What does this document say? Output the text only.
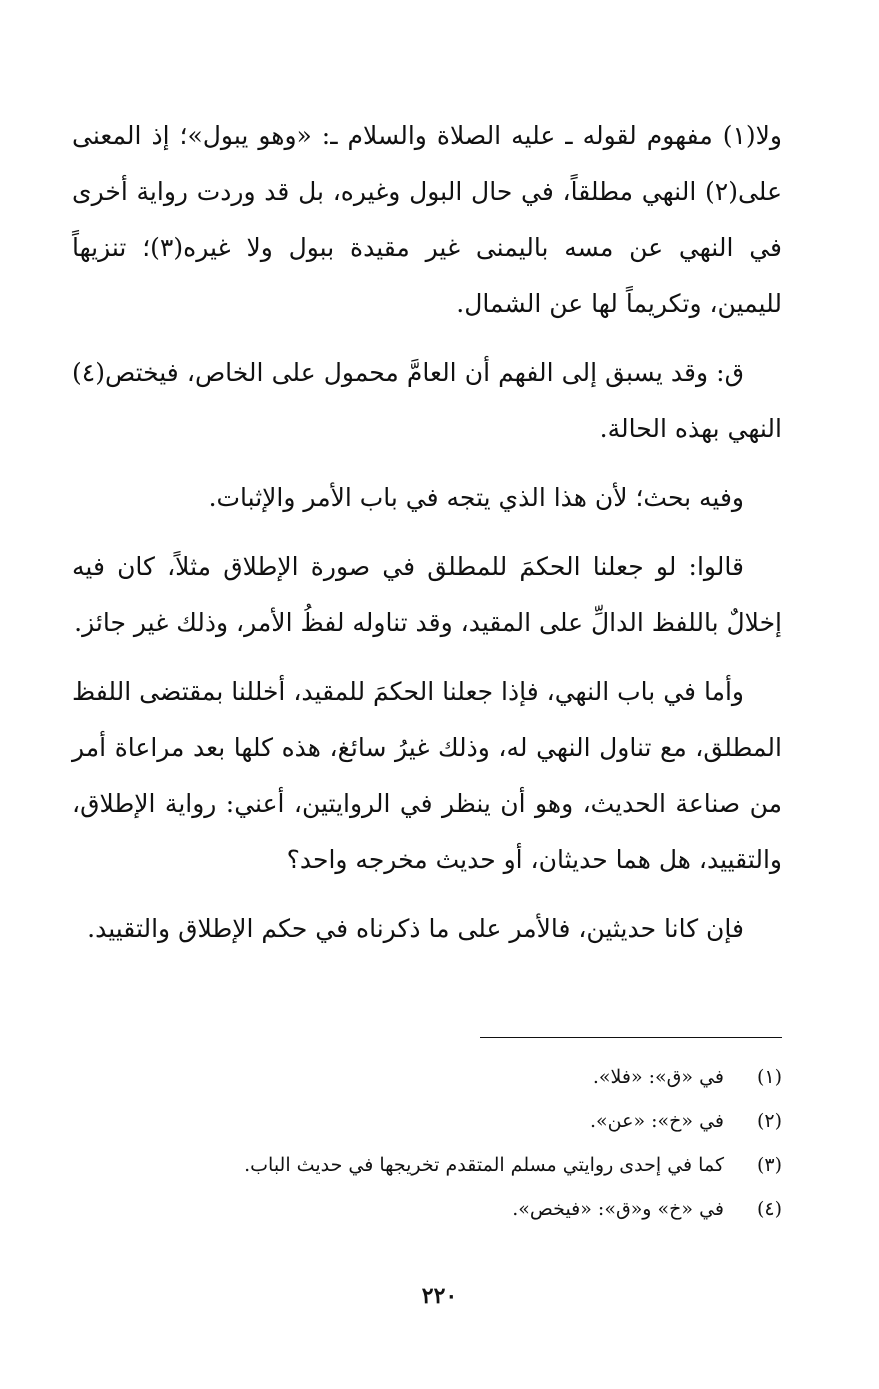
ولا(١) مفهوم لقوله ـ عليه الصلاة والسلام ـ: «وهو يبول»؛ إذ المعنى على(٢) النهي مطلقاً، في حال البول وغيره، بل قد وردت رواية أخرى في النهي عن مسه باليمنى غير مقيدة ببول ولا غيره(٣)؛ تنزيهاً لليمين، وتكريماً لها عن الشمال.

ق: وقد يسبق إلى الفهم أن العامَّ محمول على الخاص، فيختص(٤) النهي بهذه الحالة.

وفيه بحث؛ لأن هذا الذي يتجه في باب الأمر والإثبات.

قالوا: لو جعلنا الحكمَ للمطلق في صورة الإطلاق مثلاً، كان فيه إخلالٌ باللفظ الدالِّ على المقيد، وقد تناوله لفظُ الأمر، وذلك غير جائز.

وأما في باب النهي، فإذا جعلنا الحكمَ للمقيد، أخللنا بمقتضى اللفظ المطلق، مع تناول النهي له، وذلك غيرُ سائغ، هذه كلها بعد مراعاة أمر من صناعة الحديث، وهو أن ينظر في الروايتين، أعني: رواية الإطلاق، والتقييد، هل هما حديثان، أو حديث مخرجه واحد؟

فإن كانا حديثين، فالأمر على ما ذكرناه في حكم الإطلاق والتقييد.

(١)في «ق»: «فلا».
(٢)في «خ»: «عن».
(٣)كما في إحدى روايتي مسلم المتقدم تخريجها في حديث الباب.
(٤)في «خ» و«ق»: «فيخص».
٢٢٠
